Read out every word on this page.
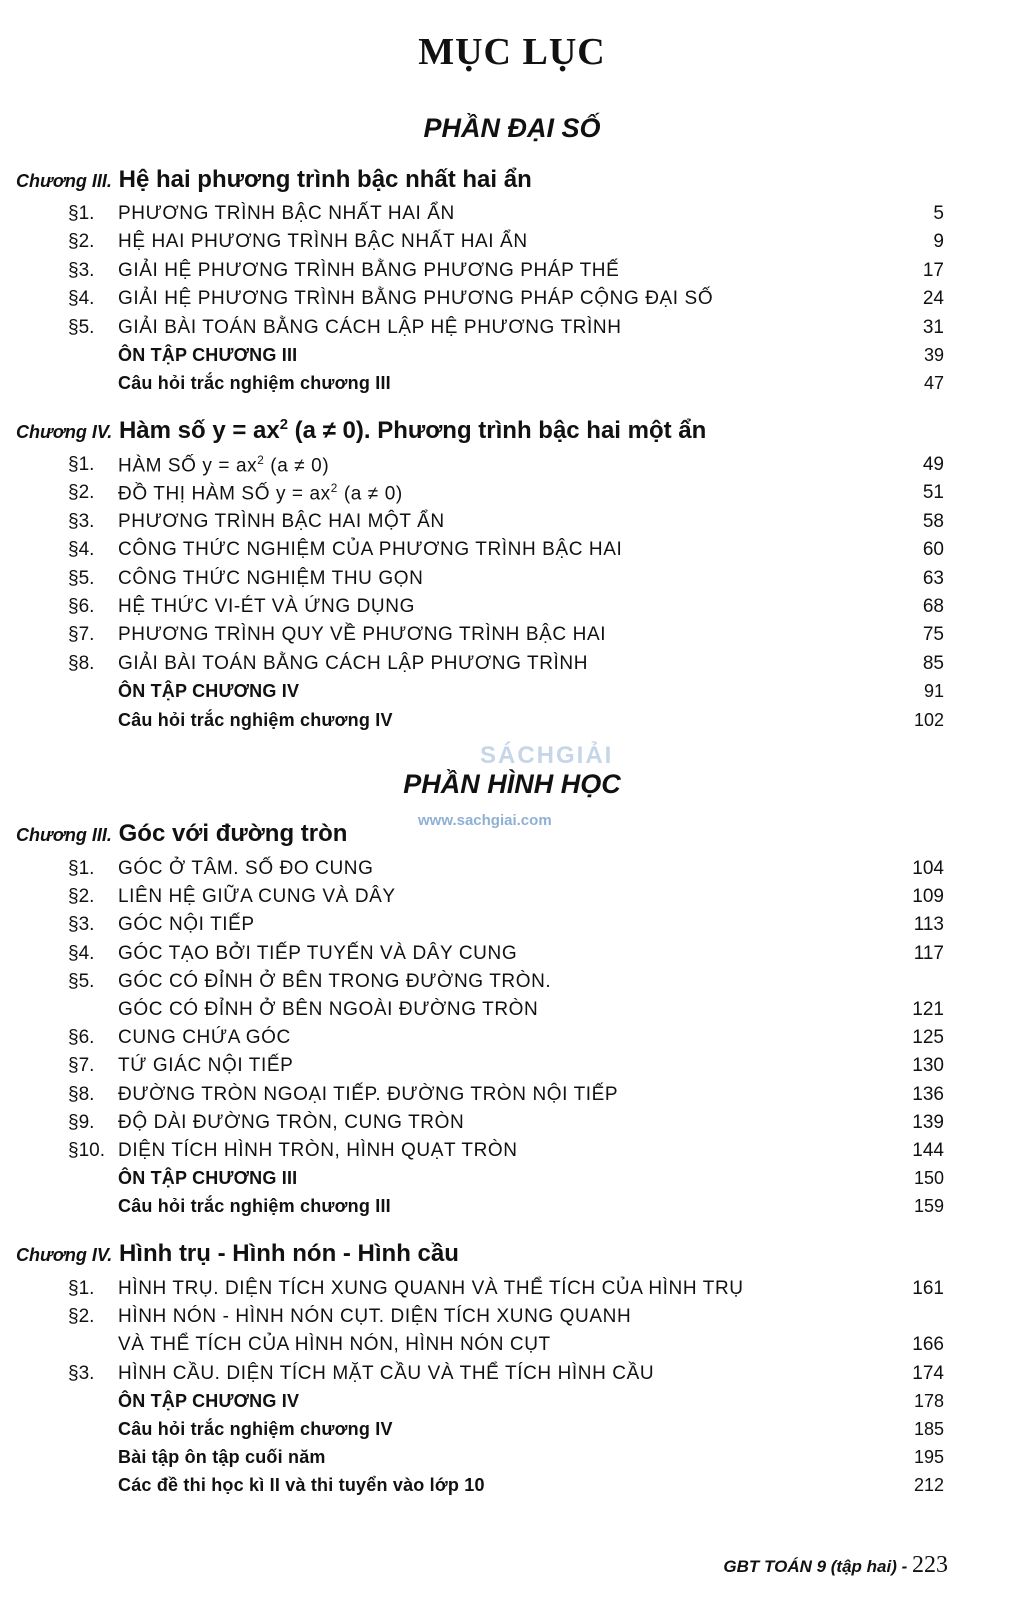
MỤC LỤC
PHẦN ĐẠI SỐ
Chương III. Hệ hai phương trình bậc nhất hai ẩn
§1. PHƯƠNG TRÌNH BẬC NHẤT HAI ẨN	5
§2. HỆ HAI PHƯƠNG TRÌNH BẬC NHẤT HAI ẨN	9
§3. GIẢI HỆ PHƯƠNG TRÌNH BẰNG PHƯƠNG PHÁP THẾ	17
§4. GIẢI HỆ PHƯƠNG TRÌNH BẰNG PHƯƠNG PHÁP CỘNG ĐẠI SỐ	24
§5. GIẢI BÀI TOÁN BẰNG CÁCH LẬP HỆ PHƯƠNG TRÌNH	31
ÔN TẬP CHƯƠNG III	39
Câu hỏi trắc nghiệm chương III	47
Chương IV. Hàm số $y = ax^2$ (a ≠ 0). Phương trình bậc hai một ẩn
§1. HÀM SỐ $y = ax^2$ (a ≠ 0)	49
§2. ĐỒ THỊ HÀM SỐ $y = ax^2$ (a ≠ 0)	51
§3. PHƯƠNG TRÌNH BẬC HAI MỘT ẨN	58
§4. CÔNG THỨC NGHIỆM CỦA PHƯƠNG TRÌNH BẬC HAI	60
§5. CÔNG THỨC NGHIỆM THU GỌN	63
§6. HỆ THỨC VI-ÉT VÀ ỨNG DỤNG	68
§7. PHƯƠNG TRÌNH QUY VỀ PHƯƠNG TRÌNH BẬC HAI	75
§8. GIẢI BÀI TOÁN BẰNG CÁCH LẬP PHƯƠNG TRÌNH	85
ÔN TẬP CHƯƠNG IV	91
Câu hỏi trắc nghiệm chương IV	102
SÁCHGIẢI
PHẦN HÌNH HỌC
www.sachgiai.com
Chương III. Góc với đường tròn
§1. GÓC Ở TÂM. SỐ ĐO CUNG	104
§2. LIÊN HỆ GIỮA CUNG VÀ DÂY	109
§3. GÓC NỘI TIẾP	113
§4. GÓC TẠO BỞI TIẾP TUYẾN VÀ DÂY CUNG	117
§5. GÓC CÓ ĐỈNH Ở BÊN TRONG ĐƯỜNG TRÒN.
GÓC CÓ ĐỈNH Ở BÊN NGOÀI ĐƯỜNG TRÒN	121
§6. CUNG CHỨA GÓC	125
§7. TỨ GIÁC NỘI TIẾP	130
§8. ĐƯỜNG TRÒN NGOẠI TIẾP. ĐƯỜNG TRÒN NỘI TIẾP	136
§9. ĐỘ DÀI ĐƯỜNG TRÒN, CUNG TRÒN	139
§10. DIỆN TÍCH HÌNH TRÒN, HÌNH QUẠT TRÒN	144
ÔN TẬP CHƯƠNG III	150
Câu hỏi trắc nghiệm chương III	159
Chương IV. Hình trụ - Hình nón - Hình cầu
§1. HÌNH TRỤ. DIỆN TÍCH XUNG QUANH VÀ THỂ TÍCH CỦA HÌNH TRỤ	161
§2. HÌNH NÓN - HÌNH NÓN CỤT. DIỆN TÍCH XUNG QUANH
VÀ THỂ TÍCH CỦA HÌNH NÓN, HÌNH NÓN CỤT	166
§3. HÌNH CẦU. DIỆN TÍCH MẶT CẦU VÀ THỂ TÍCH HÌNH CẦU	174
ÔN TẬP CHƯƠNG IV	178
Câu hỏi trắc nghiệm chương IV	185
Bài tập ôn tập cuối năm	195
Các đề thi học kì II và thi tuyển vào lớp 10	212
GBT TOÁN 9 (tập hai) - 223
